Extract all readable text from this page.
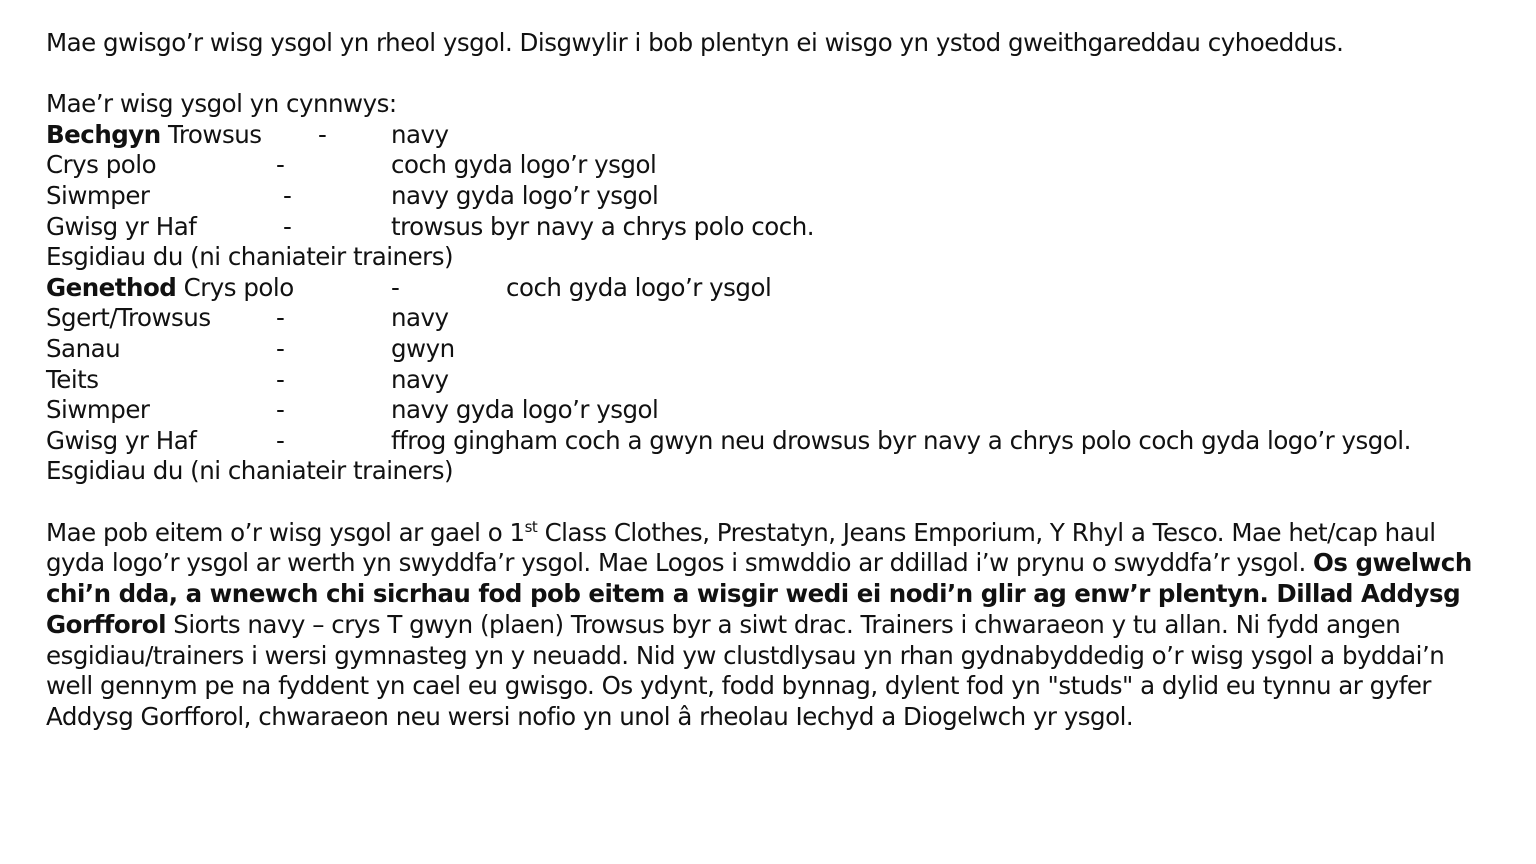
Mae gwisgo’r wisg ysgol yn rheol ysgol. Disgwylir i bob plentyn ei wisgo yn ystod gweithgareddau cyhoeddus.
Mae’r wisg ysgol yn cynnwys:
Bechgyn Trowsus -	navy
Crys polo	-	coch gyda logo’r ysgol
Siwmper	-	navy gyda logo’r ysgol
Gwisg yr Haf	-	trowsus byr navy a chrys polo coch.
Esgidiau du (ni chaniateir trainers)
Genethod Crys polo	-	coch gyda logo’r ysgol
Sgert/Trowsus	-	navy
Sanau	-	gwyn
Teits	-	navy
Siwmper	-	navy gyda logo’r ysgol
Gwisg yr Haf	-	ffrog gingham coch a gwyn neu drowsus byr navy a chrys polo coch gyda logo’r ysgol.
Esgidiau du (ni chaniateir trainers)
Mae pob eitem o’r wisg ysgol ar gael o 1st Class Clothes, Prestatyn, Jeans Emporium, Y Rhyl a Tesco. Mae het/cap haul gyda logo’r ysgol ar werth yn swyddfa’r ysgol. Mae Logos i smwddio ar ddillad i’w prynu o swyddfa’r ysgol. Os gwelwch chi’n dda, a wnewch chi sicrhau fod pob eitem a wisgir wedi ei nodi’n glir ag enw’r plentyn. Dillad Addysg Gorfforol Siorts navy – crys T gwyn (plaen) Trowsus byr a siwt drac. Trainers i chwaraeon y tu allan. Ni fydd angen esgidiau/trainers i wersi gymnasteg yn y neuadd. Nid yw clustdlysau yn rhan gydnabyddedig o’r wisg ysgol a byddai’n well gennym pe na fyddent yn cael eu gwisgo. Os ydynt, fodd bynnag, dylent fod yn "studs" a dylid eu tynnu ar gyfer Addysg Gorfforol, chwaraeon neu wersi nofio yn unol â rheolau Iechyd a Diogelwch yr ysgol.
